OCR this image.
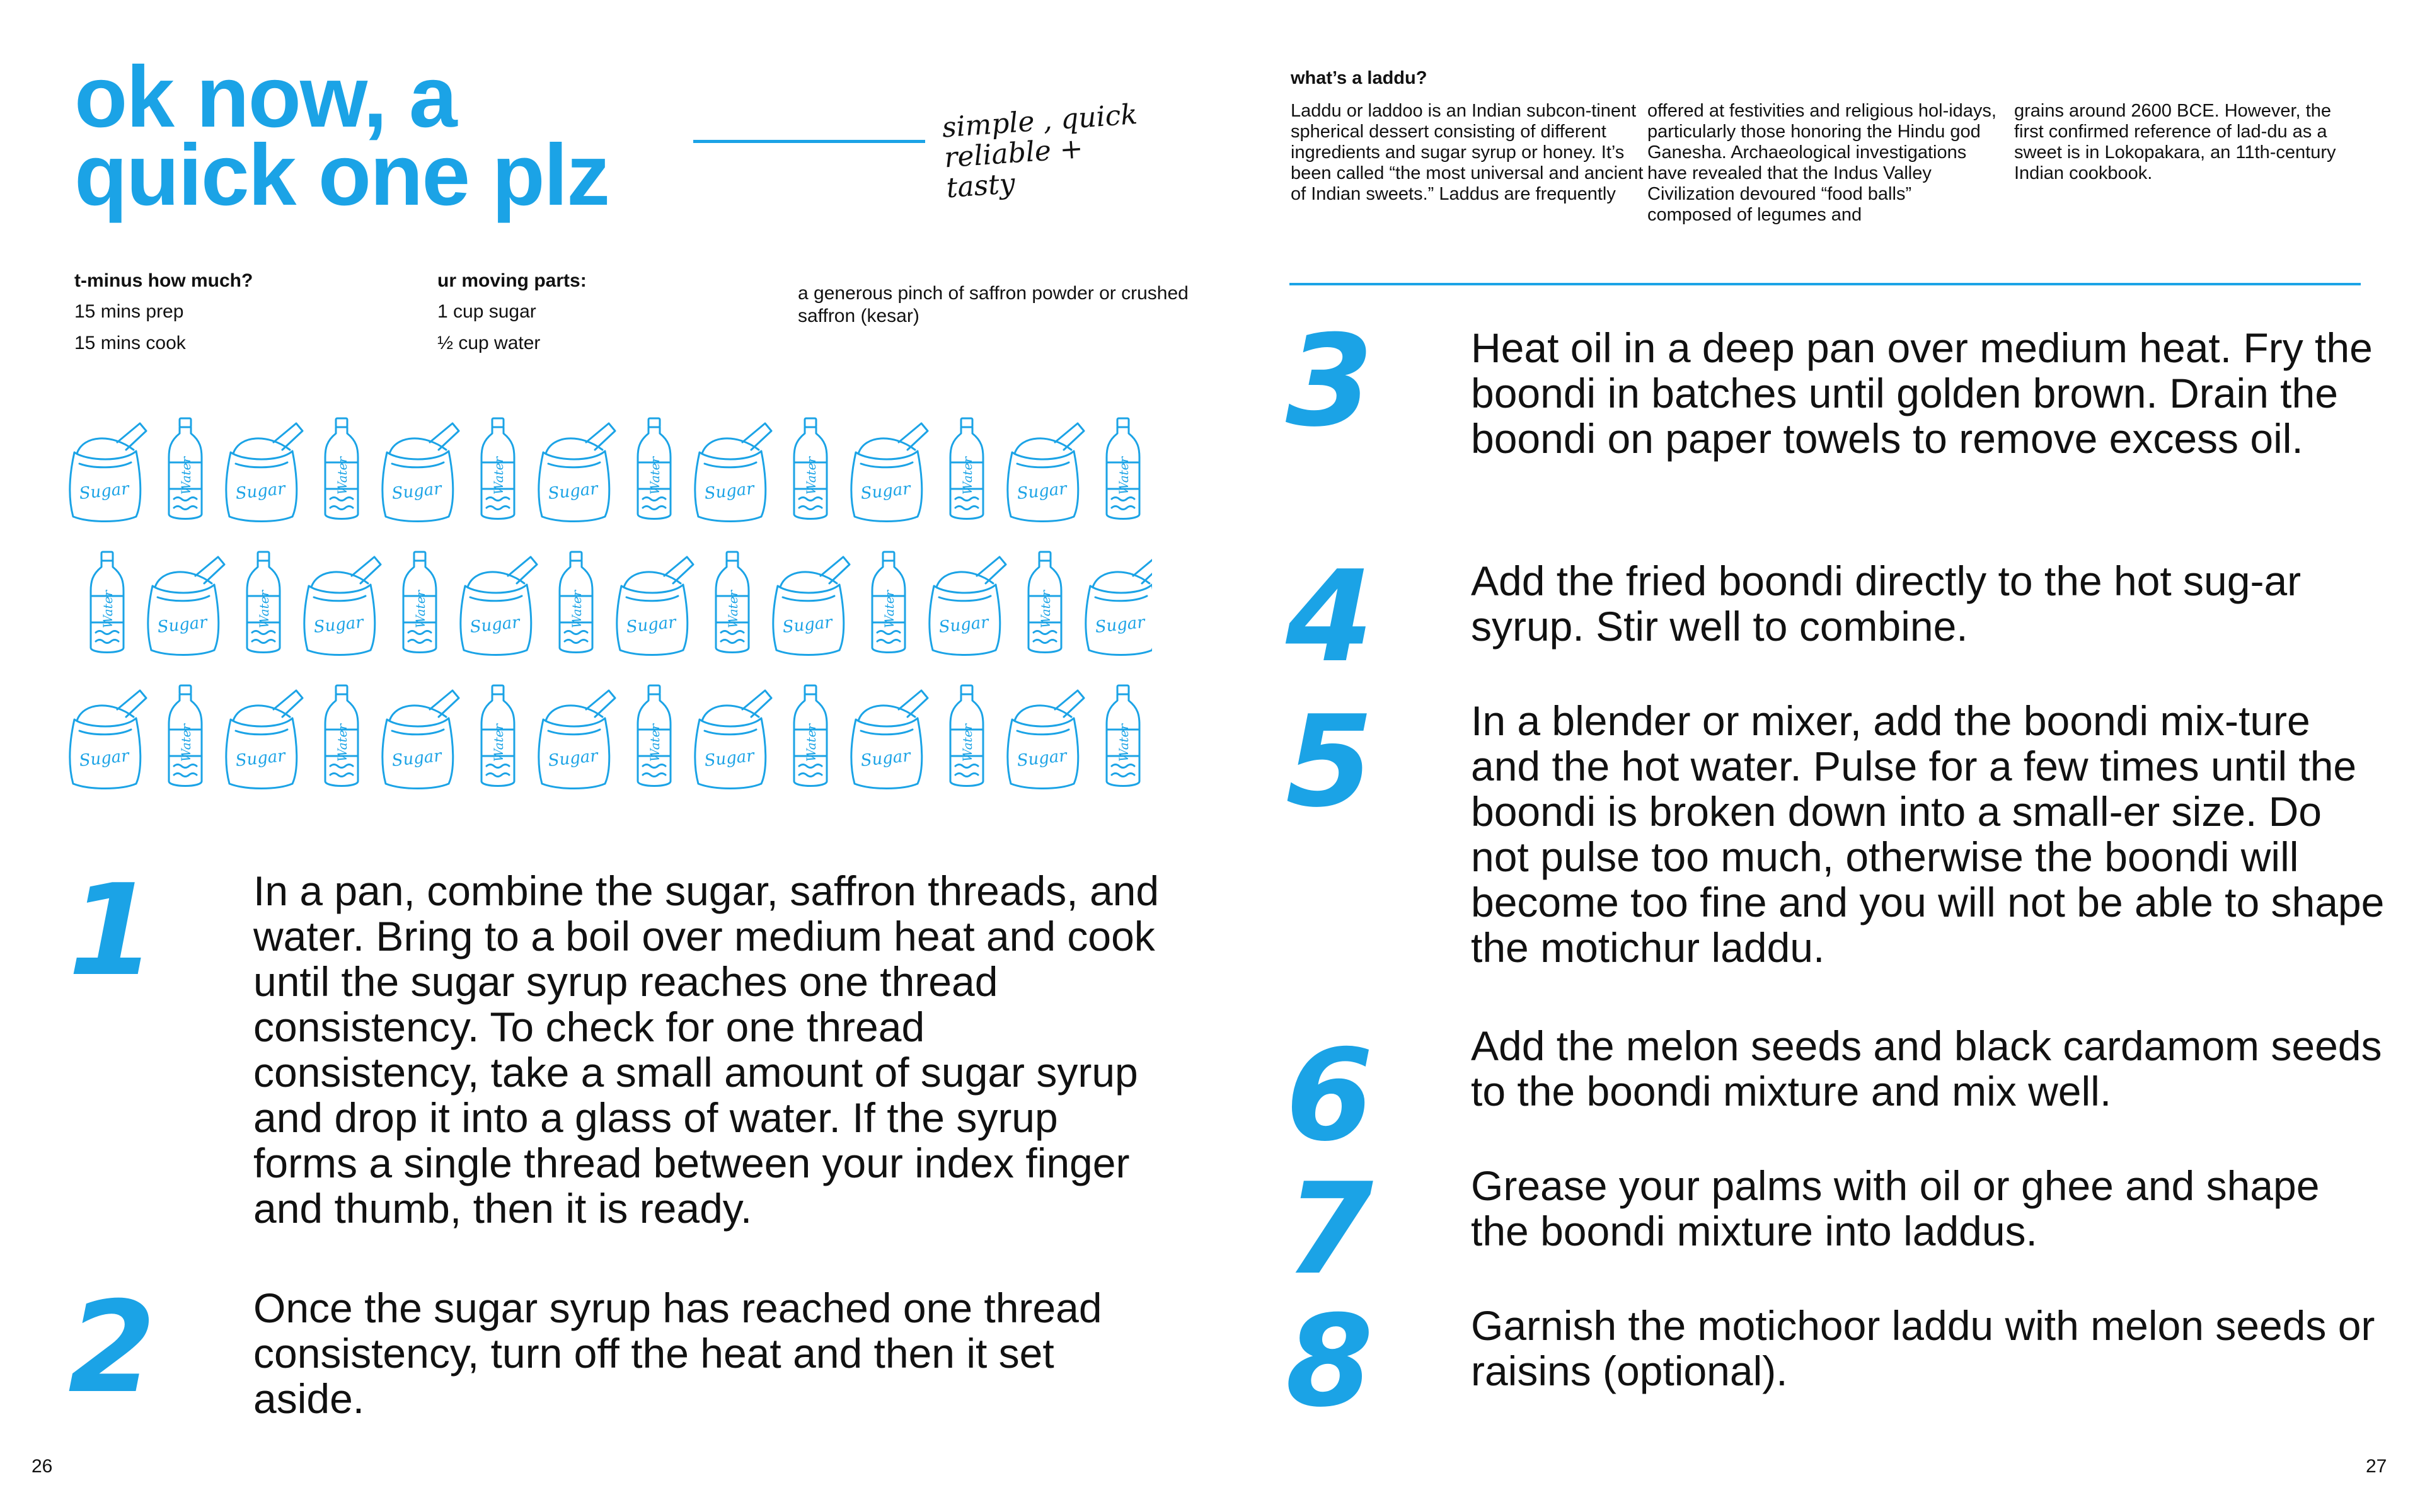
ok now, a
quick one plz
simple , quick
reliable + tasty
t-minus how much?
15 mins prep
15 mins cook
ur moving parts:
1 cup sugar
½ cup water
a generous pinch of saffron powder or crushed saffron (kesar)
Sugar	Water	Sugar	Water	Sugar	Water	Sugar	Water	Sugar	Water	Sugar	Water	Sugar	Water
Water	Sugar	Water	Sugar	Water	Sugar	Water	Sugar	Water	Sugar	Water	Sugar	Water	Sugar
Sugar	Water	Sugar	Water	Sugar	Water	Sugar	Water	Sugar	Water	Sugar	Water	Sugar	Water
1 In a pan, combine the sugar, saffron threads, and water. Bring to a boil over medium heat and cook until the sugar syrup reaches one thread consistency. To check for one thread consistency, take a small amount of sugar syrup and drop it into a glass of water. If the syrup forms a single thread between your index finger and thumb, then it is ready.
2 Once the sugar syrup has reached one thread consistency, turn off the heat and then it set aside.
26
what’s a laddu?
Laddu or laddoo is an Indian subcon-tinent spherical dessert consisting of different ingredients and sugar syrup or honey. It’s been called “the most universal and ancient of Indian sweets.” Laddus are frequently
offered at festivities and religious hol-idays, particularly those honoring the Hindu god Ganesha. Archaeological investigations have revealed that the Indus Valley Civilization devoured “food balls” composed of legumes and
grains around 2600 BCE. However, the first confirmed reference of lad-du as a sweet is in Lokopakara, an 11th-century Indian cookbook.
3 Heat oil in a deep pan over medium heat. Fry the boondi in batches until golden brown. Drain the boondi on paper towels to remove excess oil.
4 Add the fried boondi directly to the hot sug-ar syrup. Stir well to combine.
5 In a blender or mixer, add the boondi mix-ture and the hot water. Pulse for a few times until the boondi is broken down into a small-er size. Do not pulse too much, otherwise the boondi will become too fine and you will not be able to shape the motichur laddu.
6 Add the melon seeds and black cardamom seeds to the boondi mixture and mix well.
7 Grease your palms with oil or ghee and shape the boondi mixture into laddus.
8 Garnish the motichoor laddu with melon seeds or raisins (optional).
27
